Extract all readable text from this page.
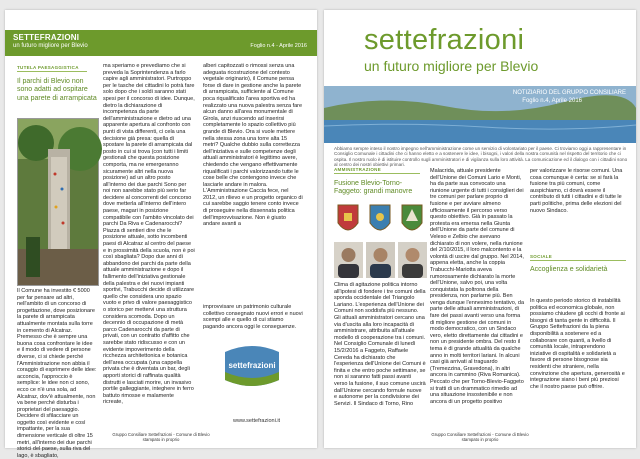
SETTEFRAZIONI
un futuro migliore per Blevio	Foglio n.4 - Aprile 2016
TUTELA PAESAGGISTICA
Il parchi di Blevio non sono adatti ad ospitare una parete di arrampicata
Il Comune ha investito € 5000 per far pensare ad altri, nell'ambito di un concorso di progettazione, dove posizionare la parete di arrampicata attualmente montata sulla torre in cemento di Alcatraz. Premesso che è sempre una buona cosa confrontare le idee e il modo di vedere di persone diverse, ci si chiede perché l'Amministrazione non abbia il coraggio di esprimere delle idee: acconcia, l'approccio è semplice: le idee non ci sono, ecco ce n'è una sola, ad Alcatraz, dov'è attualmente, non va bene perché disturba i proprietari del paesaggio. Decidere di sfilacciare un oggetto così evidente e così impattante, per la sua dimensione verticale di oltre 15 metri, all'interno dei due parchi storici del paese, sulla riva del lago, è sbagliato,
ma speriamo e prevediamo che si preveda la Soprintendenza a farlo capire agli amministratori. Purtroppo per le tasche dei cittadini lo potrà fare solo dopo che i soldi saranno stati spesi per il concorso di idee. Dunque, dietro la dichiarazione di incompetenza da parte dell'amministrazione e dietro ad una apparente apertura al confronto con punti di vista differenti, ci cela una decisione già presa: quella di spostare la parete di arrampicata dal posto in cui si trova (con tutti i limiti gestionali che questa posizione comporta, ma ne emergeranno sicuramente altri nella nuova posizione) ad un altro posto all'interno dei due parchi Sono per noi non sarebbe stato più serio far decidere al concorrenti del concorso dove metterla all'interno dell'intero paese, magari in posizione compatibile con l'ambito vincolato dei parchi Da Riva e Cadenarocchi? Piazza di sentieri dire che le posizione attuale, sotto incombenti paesi di Alcatraz al centro del paese e in prossimità della scuola, non è poi così sbagliata? Dopo due anni di abbandono dei parchi da parte della attuale amministrazione e dopo il fallimento dell'iniziativa gestionale della palestra e dei nuovi impianti sportivi, Trabucchi decide di utilizzare quello che considera uno spazio vuoto e privo di valore paesaggistico o storico per mettervi una struttura considera scomoda. Dopo un decennio di occupazione di metà parco Cadenarocchi da parte di privati, con un contratto d'affitto che sarebbe stato ridiscusso e con un evidente impoverimento della ricchezza architettonica e botanica dell'area occupata (una cappella privata che è diventata un bar, degli apporti storici di raffinata qualità distrutti e lasciati morire, un invasivo portile galleggiante, integhere in ferro battuto rimosse e malamente ricreate,
alberi capitozzati o rimossi senza una adeguata ricostruzione del contesto vegetale originario), il Comune pensa forse di dare in gestione anche la parete di arrampicata, sufficiente al Comune poca riqualificato l'area sportiva ed ha realizzato una nuova palestra senza fare alcun danno all'area monumentale di Girola, anzi riuscendo ad inserirsi completamente lo spazio collettivo più grande di Blevio. Ora si vuole mettere nella stessa zona una torre alta 15 metri? Qualche dubbio sulla correttezza dell'iniziativa e sulle competenze degli attuali amministratori è legittimo avere, chiedendo che vengano effettivamente riqualificati i parchi valorizzando tutte le cose belle che contengono invece che lasciarle andare in malora. L'Amministrazione Caccia fece, nel 2012, un rilievo e un progetto organico di cui sarebbe saggio tenere conto invece di proseguire nella dissennata politica dell'improvvisazione. Non è giusto andare avanti a
improvvisare un patrimonio culturale collettivo consegnato nuovi errori e nuovi scempi alle e quello di cui stiamo pagando ancora oggi le conseguenze.
settefrazioni
www.settefrazioni.it
Gruppo Consiliare Settefrazioni - Comune di Blevio
stampato in proprio
settefrazioni
un futuro migliore per Blevio
NOTIZIARIO DEL GRUPPO CONSILIARE
Foglio n.4, Aprile 2016
Abbiamo sempre inteso il nostro impegno nell'amministrazione come un servizio di volontariato per il paese. Ci troviamo oggi a rappresentare in Consiglio Comunale i cittadini che ci hanno eletto e a sostenere le idee, i bisogni, i valori della nostra comunità nel rispetto del territorio che ci ospita. Il nostro ruolo è di istituire controllo sugli amministratori e di vigilanza sulla loro attività. La comunicazione ed il dialogo con i cittadini sono al centro dei nostri obiettivi primari.
AMMINISTRAZIONE
Fusione Blevio-Torno-Faggeto: grandi manovre
Clima di agitazione politica intorno all'ipotesi di fondere i tre comuni della sponda occidentale del Triangolo Lariano. L'esperienza dell'Unione dei Comuni non soddisfa più nessuno. Gli attuali amministratori cercano una via d'uscita alla loro incapacità di amministrare, attribuita all'attuale modello di cooperazione tra i comuni. Nel Consiglio Comunale di lunedì 15/2/2016 a Faggeto, Raffaele Cereda ha dichiarato che l'esperienza dell'Unione dei Comuni è finita e che entro poche settimane, se non si saranno fatti passi avanti verso la fusione, il suo comune uscirà dall'Unione cercando formule nuove e autonome per la condivisione dei Servizi. Il Sindaco di Torno, Rino
Malacrida, attuale presidente dell'Unione dei Comuni Lario e Monti, ha da parte sua convocato una riunione urgente di tutti i consiglieri dei tre comuni per parlare proprio di fusione e per avviare almeno ufficiosamente il percorso verso questo obiettivo. Già in passato la protesta era emersa nella Giunta dell'Unione da parte del comune di Veleso e Zelbio che avevano dichiarato di non volere, nella riunione del 2/10/2015, il loro malcontento e la volontà di uscire dal gruppo. Nel 2014, appena eletta, anche la coppia Trabucchi-Mariotta aveva rumorosamente dichiarato la morte dell'Unione, salvo poi, una volta conquistata la poltrona della presidenza, non parlarne più. Ben venga dunque l'ennesimo tentativo, da parte delle attuali amministrazioni, di fare dei passi avanti verso una forma di migliore gestione dei comuni in modo democratico, con un Sindaco vero, eletto direttamente dai cittadini e non un presidente ombra. Del resto il tema è di grande attualità da qualche anno in molti territori lariani. In alcuni casi già arrivati al traguardo (Tremezzina, Gravedona), in altri ancora in cammino (Riva Romanica). Peccato che per Torno-Blevio-Faggeto si tratti di un drammatico rimedio ad una situazione insostenibile e non ancora di un progetto positivo
per valorizzare le risorse comuni. Una cosa comunque è certa: se si farà la fusione tra più comuni, come auspichiamo, ci dovrà essere il contributo di tutti i cittadini e di tutte le parti politiche, prima delle elezioni del nuovo Sindaco.
SOCIALE
Accoglienza e solidarietà
In questo periodo storico di instabilità politica ed economica globale, non possiamo chiudere gli occhi di fronte ai bisogni di tanta gente in difficoltà. Il Gruppo Settefrazioni da la piena disponibilità a sostenere ed a collaborare con quanti, a livello di comunità locale, intraprendono iniziative di ospitalità e solidarietà a favore di persone bisognose sia residenti che straniere, nella convinzione che apertura, generosità e integrazione siano i beni più preziosi che il nostro paese può offrire.
Gruppo Consiliare Settefrazioni - Comune di Blevio
stampato in proprio
